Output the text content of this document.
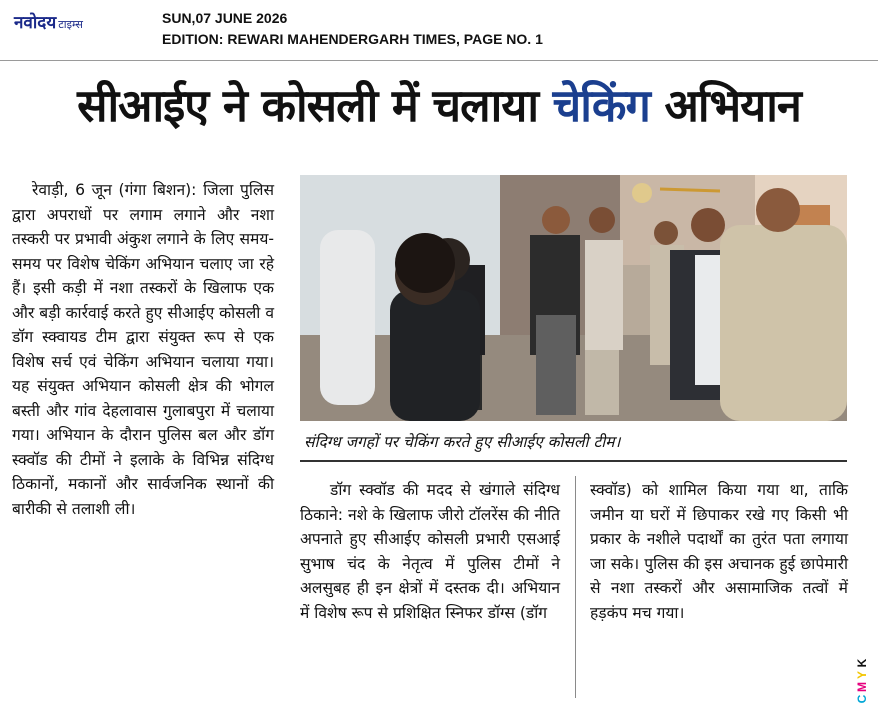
नवोदय टाइम्स	SUN,07 JUNE 2026
EDITION: REWARI MAHENDERGARH TIMES, PAGE NO. 1
सीआईए ने कोसली में चलाया चेकिंग अभियान

रेवाड़ी, 6 जून (गंगा बिशन): जिला पुलिस द्वारा अपराधों पर लगाम लगाने और नशा तस्करी पर प्रभावी अंकुश लगाने के लिए समय-समय पर विशेष चेकिंग अभियान चलाए जा रहे हैं। इसी कड़ी में नशा तस्करों के खिलाफ एक और बड़ी कार्रवाई करते हुए सीआईए कोसली व डॉग स्क्वायड टीम द्वारा संयुक्त रूप से एक विशेष सर्च एवं चेकिंग अभियान चलाया गया। यह संयुक्त अभियान कोसली क्षेत्र की भोगल बस्ती और गांव देहलावास गुलाबपुरा में चलाया गया। अभियान के दौरान पुलिस बल और डॉग स्क्वॉड की टीमों ने इलाके के विभिन्न संदिग्ध ठिकानों, मकानों और सार्वजनिक स्थानों की बारीकी से तलाशी ली।

संदिग्ध जगहों पर चेकिंग करते हुए सीआईए कोसली टीम।

डॉग स्क्वॉड की मदद से खंगाले संदिग्ध ठिकाने: नशे के खिलाफ जीरो टॉलरेंस की नीति अपनाते हुए सीआईए कोसली प्रभारी एसआई सुभाष चंद के नेतृत्व में पुलिस टीमों ने अलसुबह ही इन क्षेत्रों में दस्तक दी। अभियान में विशेष रूप से प्रशिक्षित स्निफर डॉग्स (डॉग

स्क्वॉड) को शामिल किया गया था, ताकि जमीन या घरों में छिपाकर रखे गए किसी भी प्रकार के नशीले पदार्थों का तुरंत पता लगाया जा सके। पुलिस की इस अचानक हुई छापेमारी से नशा तस्करों और असामाजिक तत्वों में हड़कंप मच गया।

K
Y
M
C
